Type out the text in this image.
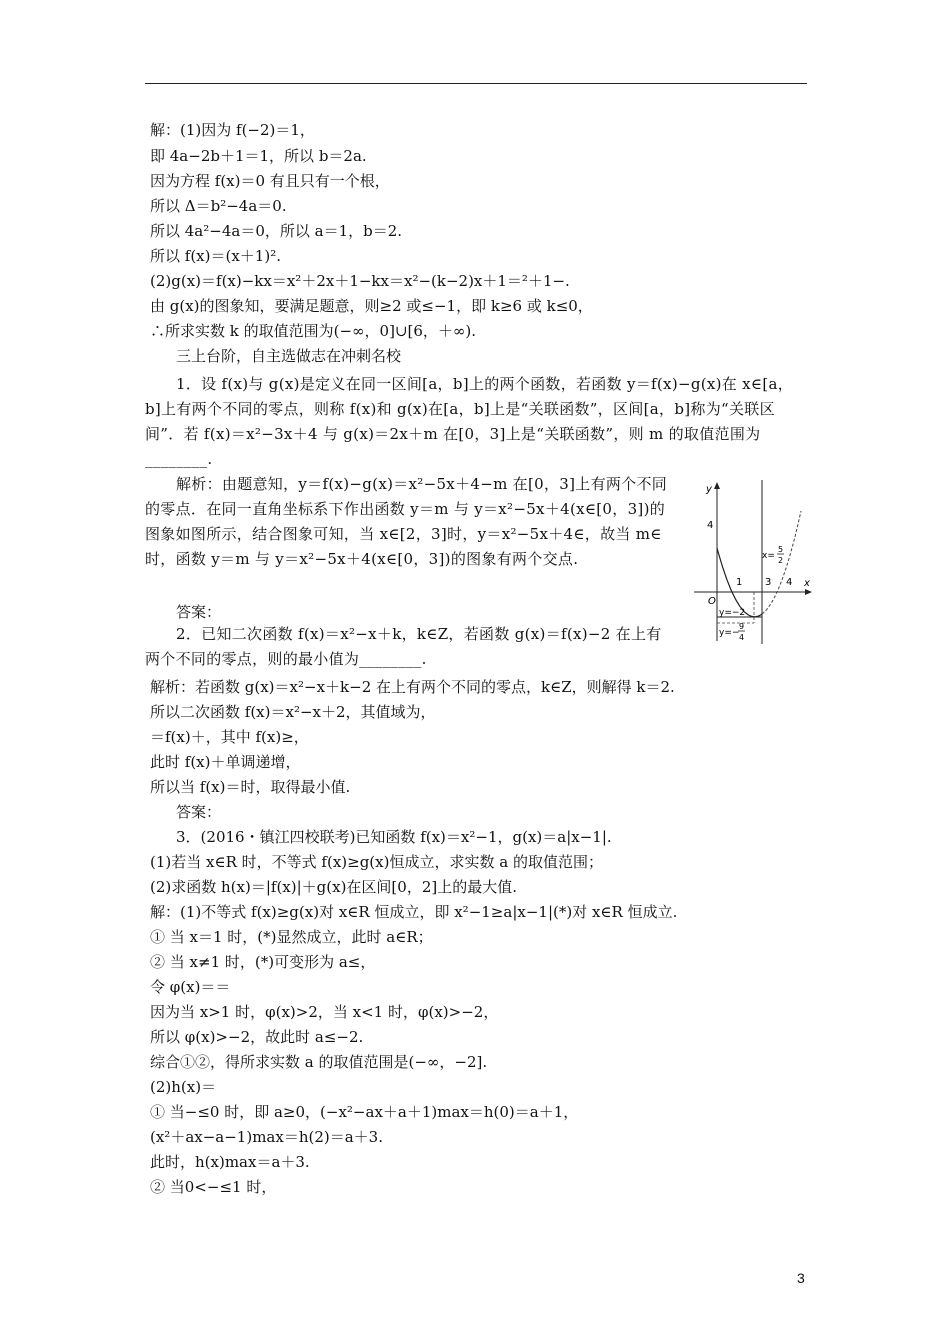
解：(1)因为 f(−2)＝1，
即 4a−2b＋1＝1，所以 b＝2a.
因为方程 f(x)＝0 有且只有一个根，
所以 Δ＝b²−4a＝0.
所以 4a²−4a＝0，所以 a＝1，b＝2.
所以 f(x)＝(x＋1)².
(2)g(x)＝f(x)−kx＝x²＋2x＋1−kx＝x²−(k−2)x＋1＝²＋1−.
由 g(x)的图象知，要满足题意，则≥2 或≤−1，即 k≥6 或 k≤0，
∴所求实数 k 的取值范围为(−∞，0]∪[6，＋∞).
三上台阶，自主选做志在冲刺名校
1．设 f(x)与 g(x)是定义在同一区间[a，b]上的两个函数，若函数 y＝f(x)−g(x)在 x∈[a，b]上有两个不同的零点，则称 f(x)和 g(x)在[a，b]上是“关联函数”，区间[a，b]称为“关联区间”．若 f(x)＝x²−3x＋4 与 g(x)＝2x＋m 在[0，3]上是“关联函数”，则 m 的取值范围为________.
解析：由题意知，y＝f(x)−g(x)＝x²−5x＋4−m 在[0，3]上有两个不同的零点．在同一直角坐标系下作出函数 y＝m 与 y＝x²−5x＋4(x∈[0，3])的图象如图所示，结合图象可知，当 x∈[2，3]时，y＝x²−5x＋4∈，故当 m∈时，函数 y＝m 与 y＝x²−5x＋4(x∈[0，3])的图象有两个交点.
答案：
2．已知二次函数 f(x)＝x²−x＋k，k∈Z，若函数 g(x)＝f(x)−2 在上有两个不同的零点，则的最小值为________.
解析：若函数 g(x)＝x²−x＋k−2 在上有两个不同的零点，k∈Z，则解得 k＝2.
所以二次函数 f(x)＝x²−x＋2，其值域为，
＝f(x)＋，其中 f(x)≥，
此时 f(x)＋单调递增，
所以当 f(x)＝时，取得最小值.
答案：
3．(2016・镇江四校联考)已知函数 f(x)＝x²−1，g(x)＝a|x−1|.
(1)若当 x∈R 时，不等式 f(x)≥g(x)恒成立，求实数 a 的取值范围；
(2)求函数 h(x)＝|f(x)|＋g(x)在区间[0，2]上的最大值.
解：(1)不等式 f(x)≥g(x)对 x∈R 恒成立，即 x²−1≥a|x−1|(*)对 x∈R 恒成立.
① 当 x＝1 时，(*)显然成立，此时 a∈R；
② 当 x≠1 时，(*)可变形为 a≤，
令 φ(x)＝＝
因为当 x>1 时，φ(x)>2，当 x<1 时，φ(x)>−2，
所以 φ(x)>−2，故此时 a≤−2.
综合①②，得所求实数 a 的取值范围是(−∞，−2].
(2)h(x)＝
① 当−≤0 时，即 a≥0，(−x²−ax＋a＋1)max＝h(0)＝a＋1，
(x²＋ax−a−1)max＝h(2)＝a＋3.
此时，h(x)max＝a＋3.
② 当0<−≤1 时，
y
x
O
4
1 3 4
x=
5
2
y=−2
y=−
9
4
3
